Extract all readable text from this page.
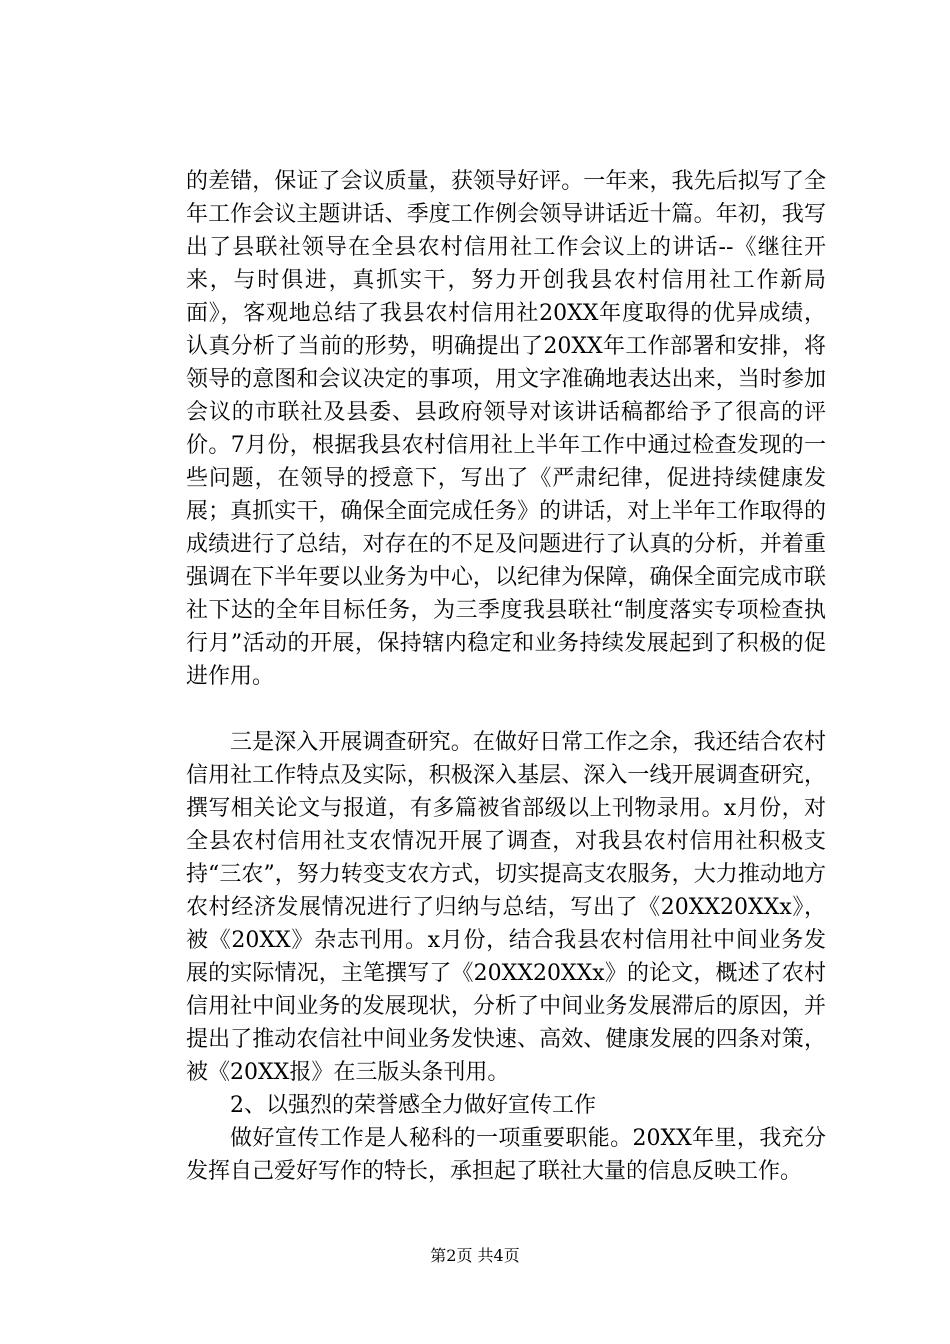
的差错，保证了会议质量，获领导好评。一年来，我先后拟写了全年工作会议主题讲话、季度工作例会领导讲话近十篇。年初，我写出了县联社领导在全县农村信用社工作会议上的讲话--《继往开来，与时俱进，真抓实干，努力开创我县农村信用社工作新局面》，客观地总结了我县农村信用社20XX年度取得的优异成绩，认真分析了当前的形势，明确提出了20XX年工作部署和安排，将领导的意图和会议决定的事项，用文字准确地表达出来，当时参加会议的市联社及县委、县政府领导对该讲话稿都给予了很高的评价。7月份，根据我县农村信用社上半年工作中通过检查发现的一些问题，在领导的授意下，写出了《严肃纪律，促进持续健康发展；真抓实干，确保全面完成任务》的讲话，对上半年工作取得的成绩进行了总结，对存在的不足及问题进行了认真的分析，并着重强调在下半年要以业务为中心，以纪律为保障，确保全面完成市联社下达的全年目标任务，为三季度我县联社“制度落实专项检查执行月”活动的开展，保持辖内稳定和业务持续发展起到了积极的促进作用。

三是深入开展调查研究。在做好日常工作之余，我还结合农村信用社工作特点及实际，积极深入基层、深入一线开展调查研究，撰写相关论文与报道，有多篇被省部级以上刊物录用。x月份，对全县农村信用社支农情况开展了调查，对我县农村信用社积极支持“三农”，努力转变支农方式，切实提高支农服务，大力推动地方农村经济发展情况进行了归纳与总结，写出了《20XX20XXx》，被《20XX》杂志刊用。x月份，结合我县农村信用社中间业务发展的实际情况，主笔撰写了《20XX20XXx》的论文，概述了农村信用社中间业务的发展现状，分析了中间业务发展滞后的原因，并提出了推动农信社中间业务发快速、高效、健康发展的四条对策，被《20XX报》在三版头条刊用。

2、以强烈的荣誉感全力做好宣传工作

做好宣传工作是人秘科的一项重要职能。20XX年里，我充分发挥自己爱好写作的特长，承担起了联社大量的信息反映工作。

第2页 共4页
